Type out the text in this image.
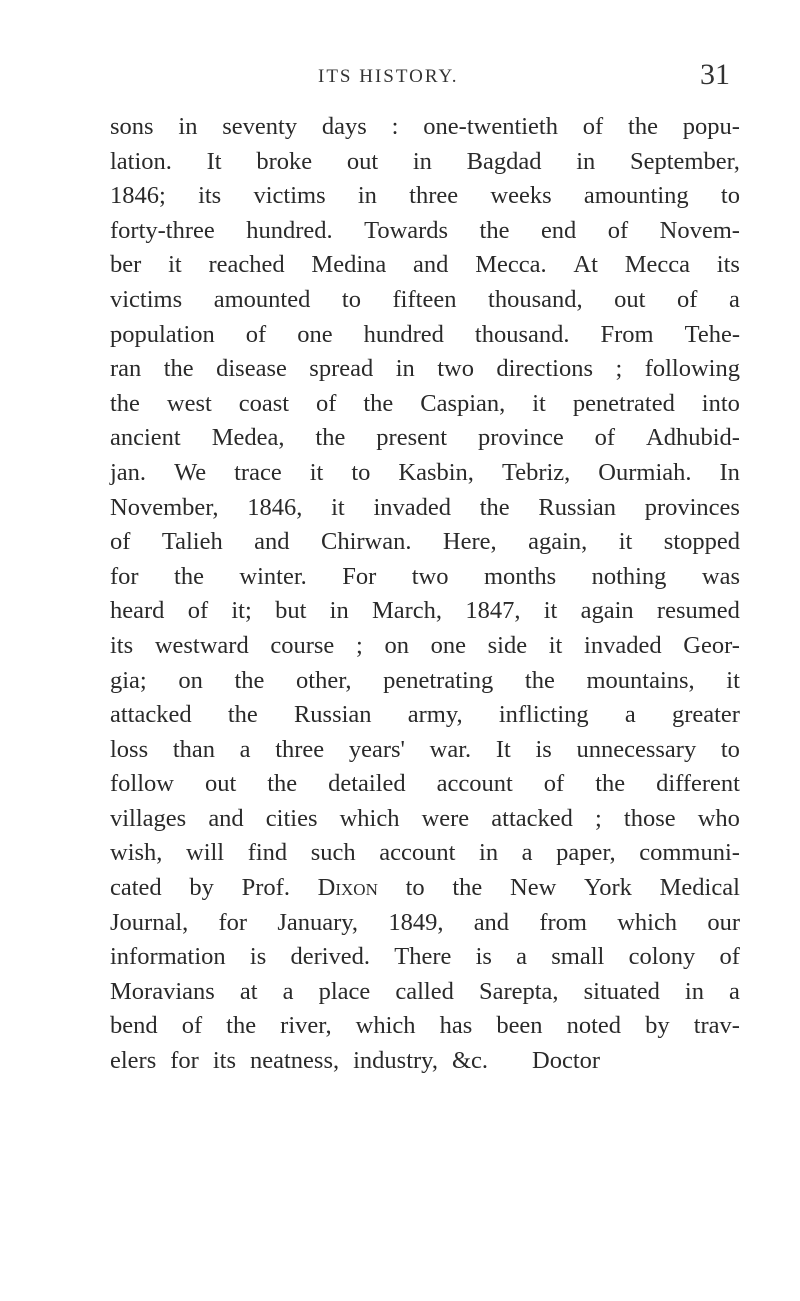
ITS HISTORY.	31
sons in seventy days : one-twentieth of the popu-
lation. It broke out in Bagdad in September,
1846; its victims in three weeks amounting to
forty-three hundred. Towards the end of Novem-
ber it reached Medina and Mecca. At Mecca its
victims amounted to fifteen thousand, out of a
population of one hundred thousand. From Tehe-
ran the disease spread in two directions ; following
the west coast of the Caspian, it penetrated into
ancient Medea, the present province of Adhubid-
jan. We trace it to Kasbin, Tebriz, Ourmiah. In
November, 1846, it invaded the Russian provinces
of Talieh and Chirwan. Here, again, it stopped
for the winter. For two months nothing was
heard of it; but in March, 1847, it again resumed
its westward course ; on one side it invaded Geor-
gia; on the other, penetrating the mountains, it
attacked the Russian army, inflicting a greater
loss than a three years' war. It is unnecessary to
follow out the detailed account of the different
villages and cities which were attacked ; those who
wish, will find such account in a paper, communi-
cated by Prof. Dixon to the New York Medical
Journal, for January, 1849, and from which our
information is derived. There is a small colony of
Moravians at a place called Sarepta, situated in a
bend of the river, which has been noted by trav-
elers for its neatness, industry, &c. Doctor
